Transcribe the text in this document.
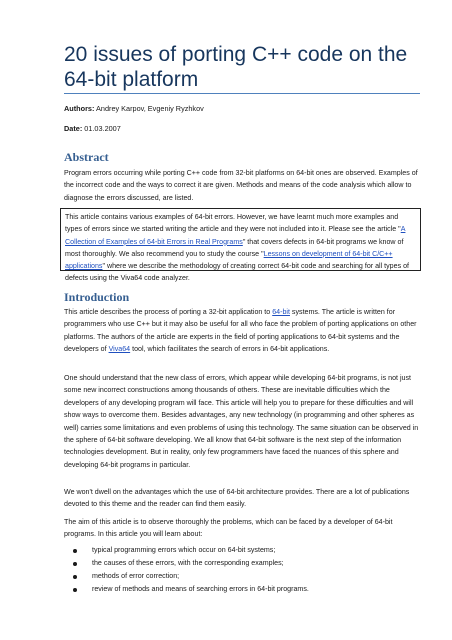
20 issues of porting C++ code on the 64-bit platform
Authors: Andrey Karpov, Evgeniy Ryzhkov
Date: 01.03.2007
Abstract

Program errors occurring while porting C++ code from 32-bit platforms on 64-bit ones are observed. Examples of the incorrect code and the ways to correct it are given. Methods and means of the code analysis which allow to diagnose the errors discussed, are listed.

This article contains various examples of 64-bit errors. However, we have learnt much more examples and types of errors since we started writing the article and they were not included into it. Please see the article "A Collection of Examples of 64-bit Errors in Real Programs" that covers defects in 64-bit programs we know of most thoroughly. We also recommend you to study the course "Lessons on development of 64-bit C/C++ applications" where we describe the methodology of creating correct 64-bit code and searching for all types of defects using the Viva64 code analyzer.
Introduction

This article describes the process of porting a 32-bit application to 64-bit systems. The article is written for programmers who use C++ but it may also be useful for all who face the problem of porting applications on other platforms. The authors of the article are experts in the field of porting applications to 64-bit systems and the developers of Viva64 tool, which facilitates the search of errors in 64-bit applications.

One should understand that the new class of errors, which appear while developing 64-bit programs, is not just some new incorrect constructions among thousands of others. These are inevitable difficulties which the developers of any developing program will face. This article will help you to prepare for these difficulties and will show ways to overcome them. Besides advantages, any new technology (in programming and other spheres as well) carries some limitations and even problems of using this technology. The same situation can be observed in the sphere of 64-bit software developing. We all know that 64-bit software is the next step of the information technologies development. But in reality, only few programmers have faced the nuances of this sphere and developing 64-bit programs in particular.

We won't dwell on the advantages which the use of 64-bit architecture provides. There are a lot of publications devoted to this theme and the reader can find them easily.

The aim of this article is to observe thoroughly the problems, which can be faced by a developer of 64-bit programs. In this article you will learn about:

typical programming errors which occur on 64-bit systems;
the causes of these errors, with the corresponding examples;
methods of error correction;
review of methods and means of searching errors in 64-bit programs.
